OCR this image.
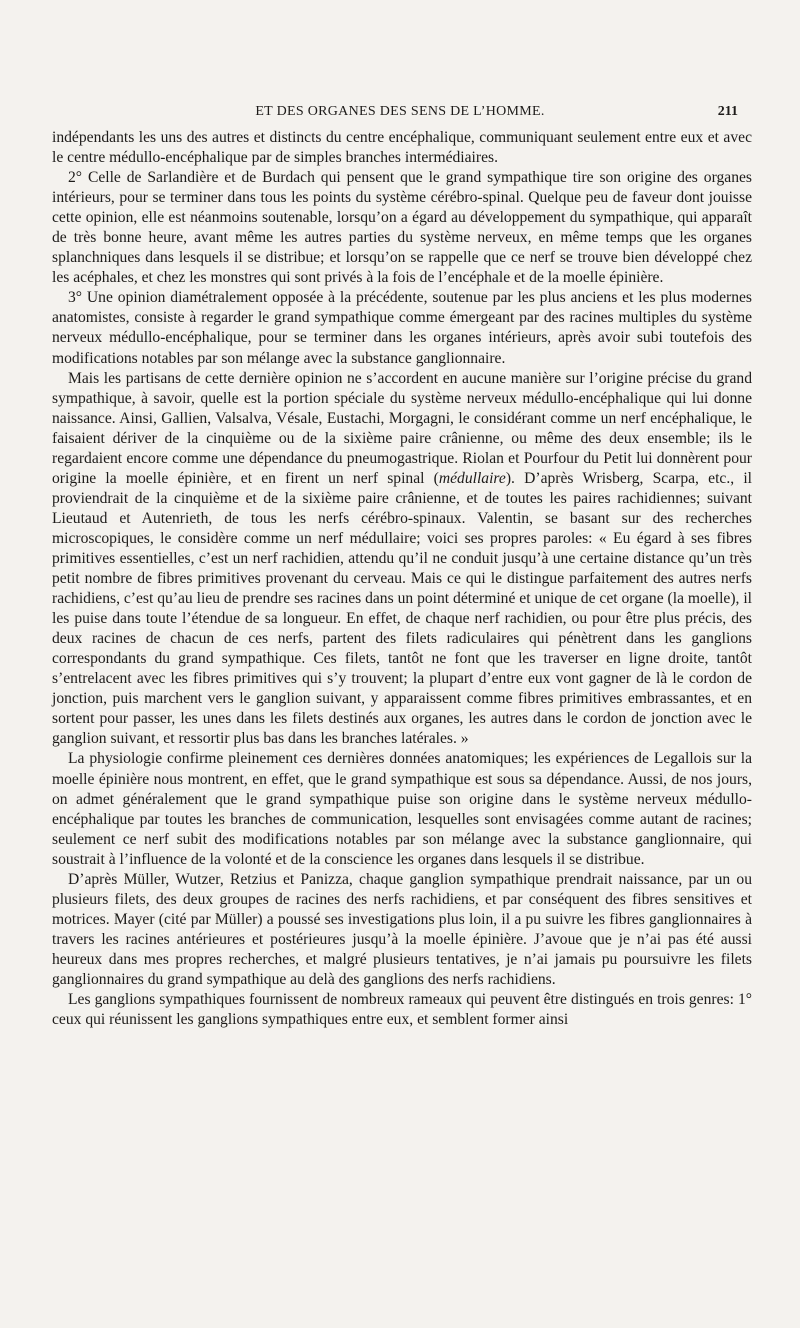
ET DES ORGANES DES SENS DE L’HOMME.	211

indépendants les uns des autres et distincts du centre encéphalique, communiquant seulement entre eux et avec le centre médullo-encéphalique par de simples branches intermédiaires.

2° Celle de Sarlandière et de Burdach qui pensent que le grand sympathique tire son origine des organes intérieurs, pour se terminer dans tous les points du système cérébro-spinal. Quelque peu de faveur dont jouisse cette opinion, elle est néanmoins soutenable, lorsqu’on a égard au développement du sympathique, qui apparaît de très bonne heure, avant même les autres parties du système nerveux, en même temps que les organes splanchniques dans lesquels il se distribue; et lorsqu’on se rappelle que ce nerf se trouve bien développé chez les acéphales, et chez les monstres qui sont privés à la fois de l’encéphale et de la moelle épinière.

3° Une opinion diamétralement opposée à la précédente, soutenue par les plus anciens et les plus modernes anatomistes, consiste à regarder le grand sympathique comme émergeant par des racines multiples du système nerveux médullo-encéphalique, pour se terminer dans les organes intérieurs, après avoir subi toutefois des modifications notables par son mélange avec la substance ganglionnaire.

Mais les partisans de cette dernière opinion ne s’accordent en aucune manière sur l’origine précise du grand sympathique, à savoir, quelle est la portion spéciale du système nerveux médullo-encéphalique qui lui donne naissance. Ainsi, Gallien, Valsalva, Vésale, Eustachi, Morgagni, le considérant comme un nerf encéphalique, le faisaient dériver de la cinquième ou de la sixième paire crânienne, ou même des deux ensemble; ils le regardaient encore comme une dépendance du pneumogastrique. Riolan et Pourfour du Petit lui donnèrent pour origine la moelle épinière, et en firent un nerf spinal (médullaire). D’après Wrisberg, Scarpa, etc., il proviendrait de la cinquième et de la sixième paire crânienne, et de toutes les paires rachidiennes; suivant Lieutaud et Autenrieth, de tous les nerfs cérébro-spinaux. Valentin, se basant sur des recherches microscopiques, le considère comme un nerf médullaire; voici ses propres paroles: « Eu égard à ses fibres primitives essentielles, c’est un nerf rachidien, attendu qu’il ne conduit jusqu’à une certaine distance qu’un très petit nombre de fibres primitives provenant du cerveau. Mais ce qui le distingue parfaitement des autres nerfs rachidiens, c’est qu’au lieu de prendre ses racines dans un point déterminé et unique de cet organe (la moelle), il les puise dans toute l’étendue de sa longueur. En effet, de chaque nerf rachidien, ou pour être plus précis, des deux racines de chacun de ces nerfs, partent des filets radiculaires qui pénètrent dans les ganglions correspondants du grand sympathique. Ces filets, tantôt ne font que les traverser en ligne droite, tantôt s’entrelacent avec les fibres primitives qui s’y trouvent; la plupart d’entre eux vont gagner de là le cordon de jonction, puis marchent vers le ganglion suivant, y apparaissent comme fibres primitives embrassantes, et en sortent pour passer, les unes dans les filets destinés aux organes, les autres dans le cordon de jonction avec le ganglion suivant, et ressortir plus bas dans les branches latérales. »

La physiologie confirme pleinement ces dernières données anatomiques; les expériences de Legallois sur la moelle épinière nous montrent, en effet, que le grand sympathique est sous sa dépendance. Aussi, de nos jours, on admet généralement que le grand sympathique puise son origine dans le système nerveux médullo-encéphalique par toutes les branches de communication, lesquelles sont envisagées comme autant de racines; seulement ce nerf subit des modifications notables par son mélange avec la substance ganglionnaire, qui soustrait à l’influence de la volonté et de la conscience les organes dans lesquels il se distribue.

D’après Müller, Wutzer, Retzius et Panizza, chaque ganglion sympathique prendrait naissance, par un ou plusieurs filets, des deux groupes de racines des nerfs rachidiens, et par conséquent des fibres sensitives et motrices. Mayer (cité par Müller) a poussé ses investigations plus loin, il a pu suivre les fibres ganglionnaires à travers les racines antérieures et postérieures jusqu’à la moelle épinière. J’avoue que je n’ai pas été aussi heureux dans mes propres recherches, et malgré plusieurs tentatives, je n’ai jamais pu poursuivre les filets ganglionnaires du grand sympathique au delà des ganglions des nerfs rachidiens.

Les ganglions sympathiques fournissent de nombreux rameaux qui peuvent être distingués en trois genres: 1° ceux qui réunissent les ganglions sympathiques entre eux, et semblent former ainsi
